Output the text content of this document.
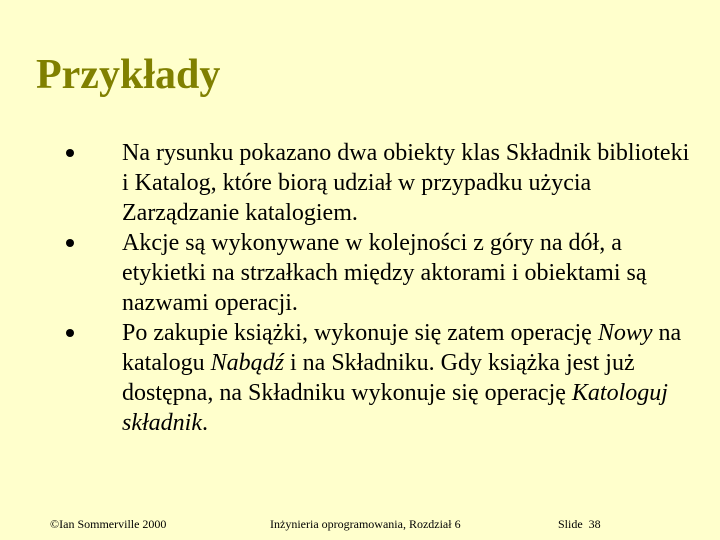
Przykłady
Na rysunku pokazano dwa obiekty klas Składnik biblioteki i Katalog, które biorą udział w przypadku użycia Zarządzanie katalogiem.
Akcje są wykonywane w kolejności z góry na dół, a etykietki na strzałkach między aktorami i obiektami są nazwami operacji.
Po zakupie książki, wykonuje się zatem operację Nowy na katalogu Nabądź i na Składniku. Gdy książka jest już dostępna, na Składniku wykonuje się operację Katologuj składnik.
©Ian Sommerville 2000	Inżynieria oprogramowania, Rozdział 6	Slide 38
